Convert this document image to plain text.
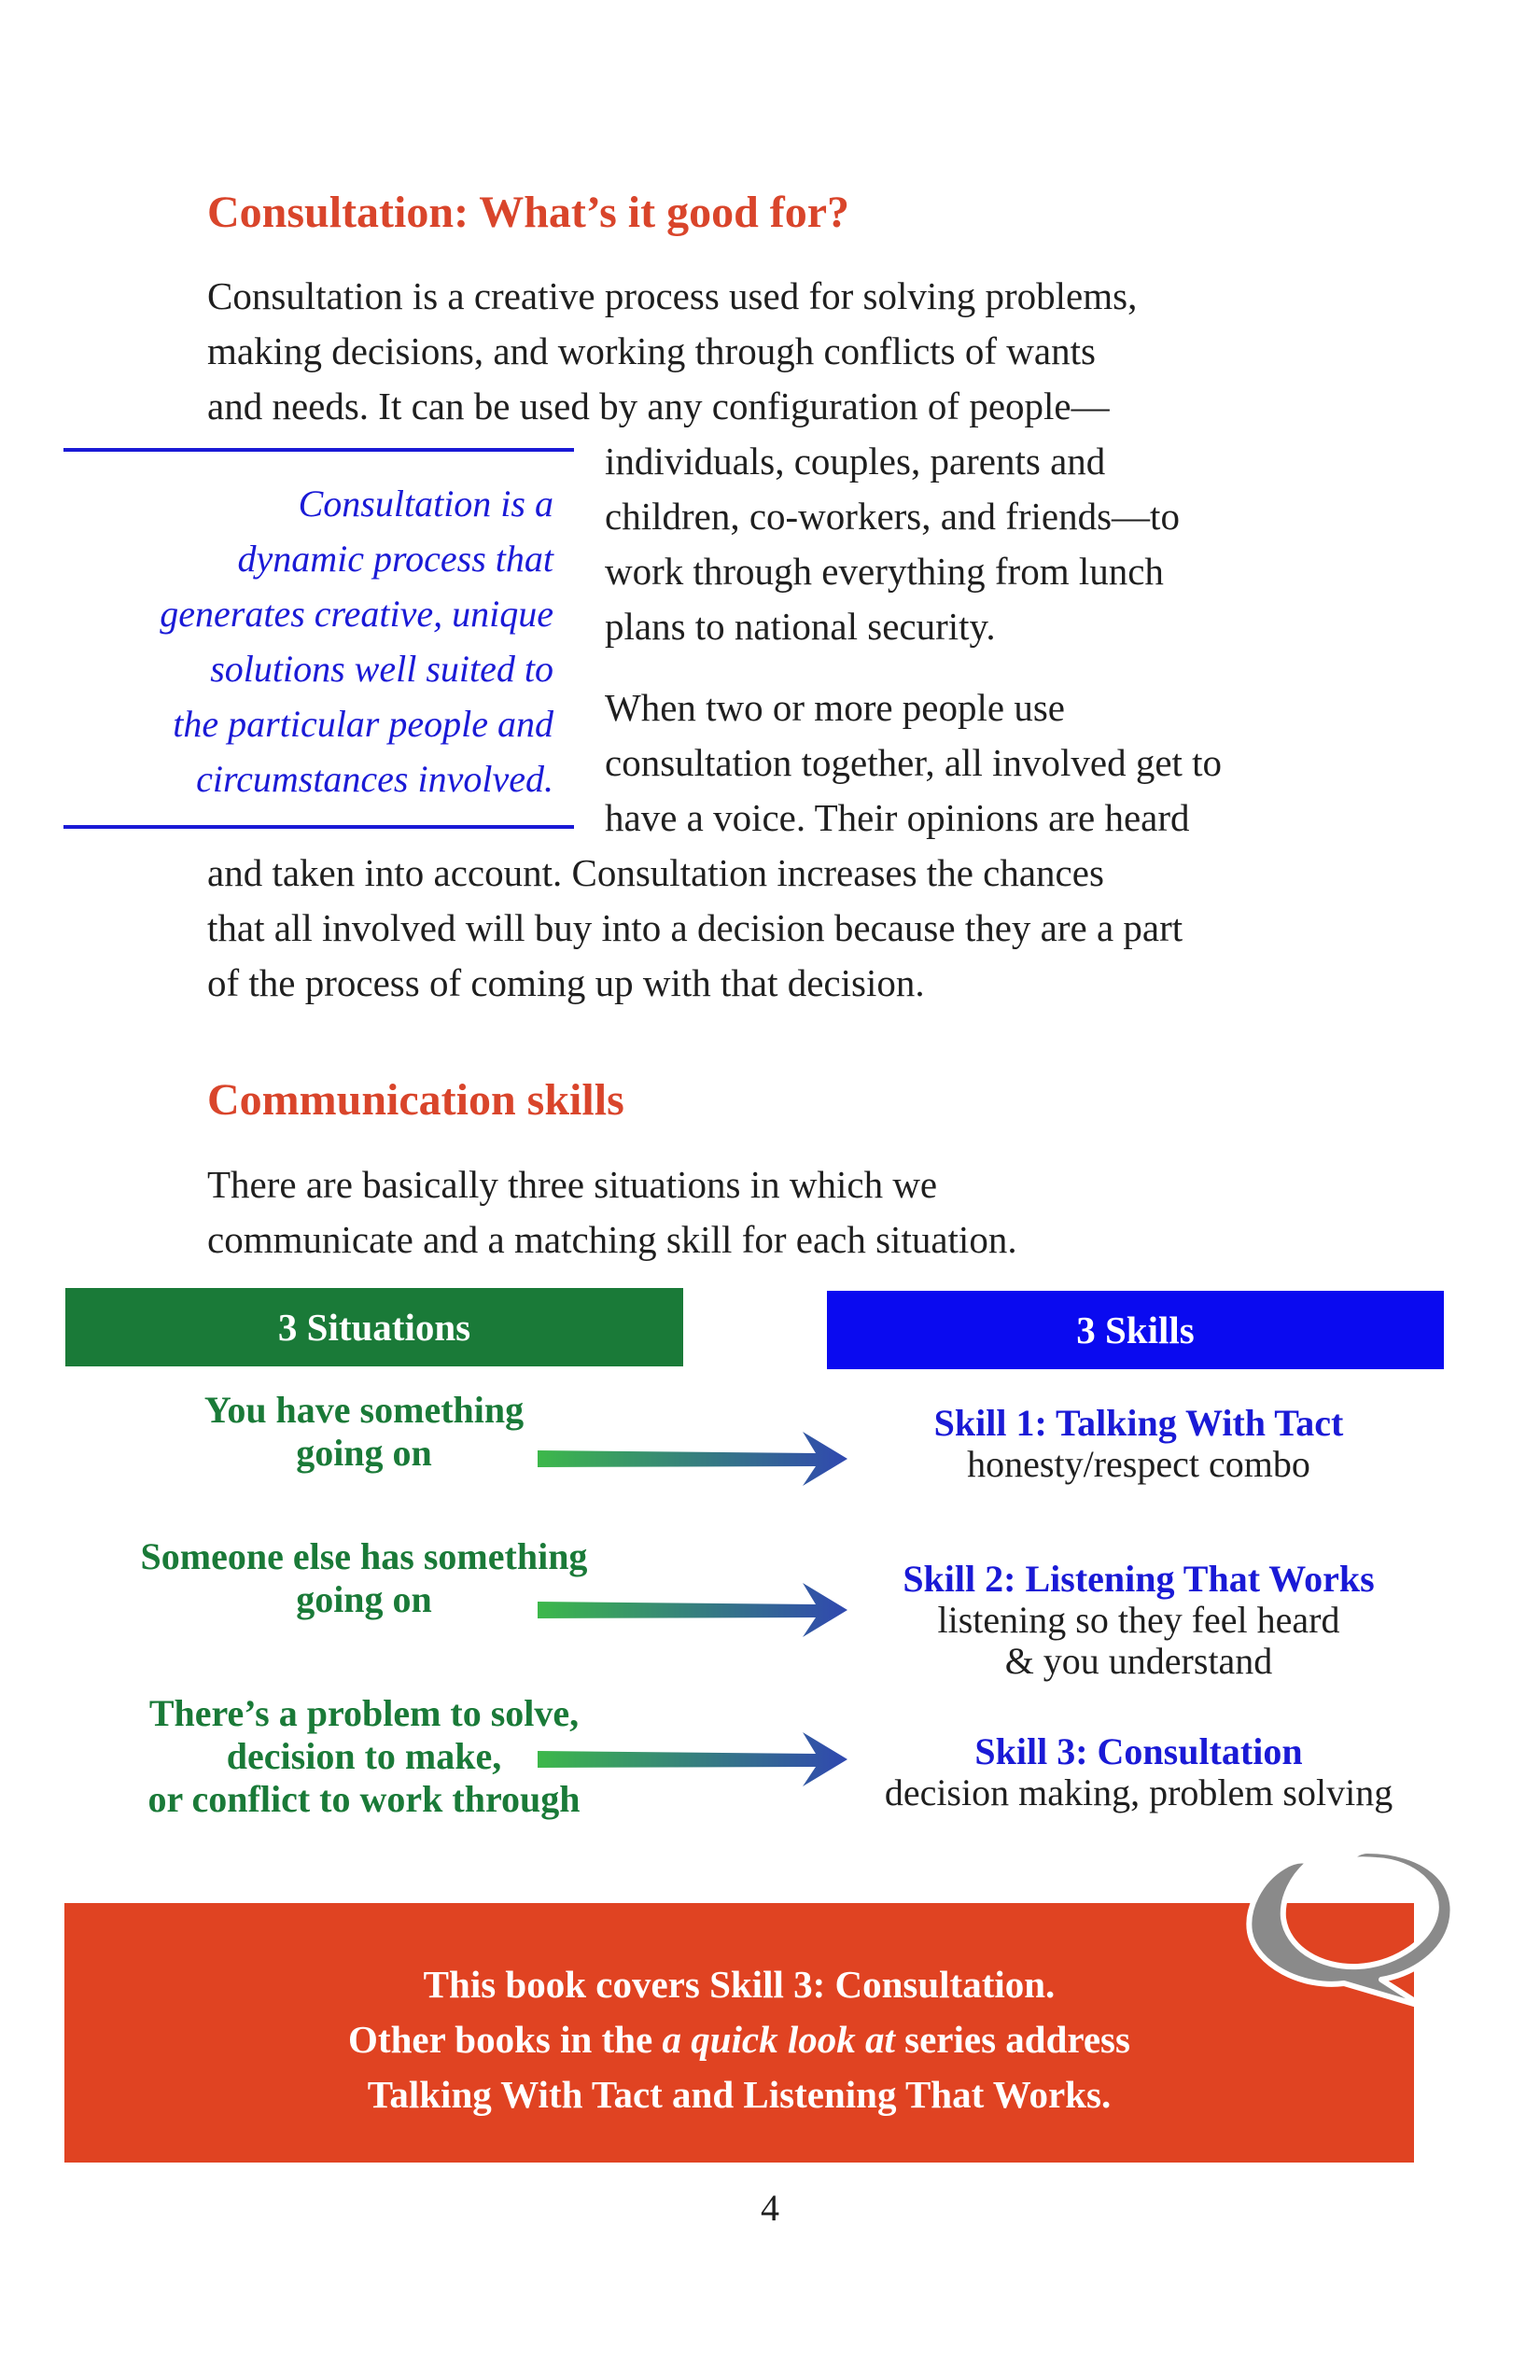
Consultation: What’s it good for?
Consultation is a creative process used for solving problems,
making decisions, and working through conflicts of wants
and needs. It can be used by any configuration of people—
individuals, couples, parents and
children, co-workers, and friends—to
work through everything from lunch
plans to national security.
When two or more people use
consultation together, all involved get to
have a voice. Their opinions are heard
and taken into account. Consultation increases the chances
that all involved will buy into a decision because they are a part
of the process of coming up with that decision.
Consultation is a
dynamic process that
generates creative, unique
solutions well suited to
the particular people and
circumstances involved.
Communication skills
There are basically three situations in which we
communicate and a matching skill for each situation.
3 Situations	3 Skills
You have something
going on
Someone else has something
going on
There’s a problem to solve,
decision to make,
or conflict to work through
Skill 1: Talking With Tact
honesty/respect combo
Skill 2: Listening That Works
listening so they feel heard
& you understand
Skill 3: Consultation
decision making, problem solving
This book covers Skill 3: Consultation.
Other books in the a quick look at series address
Talking With Tact and Listening That Works.
4
